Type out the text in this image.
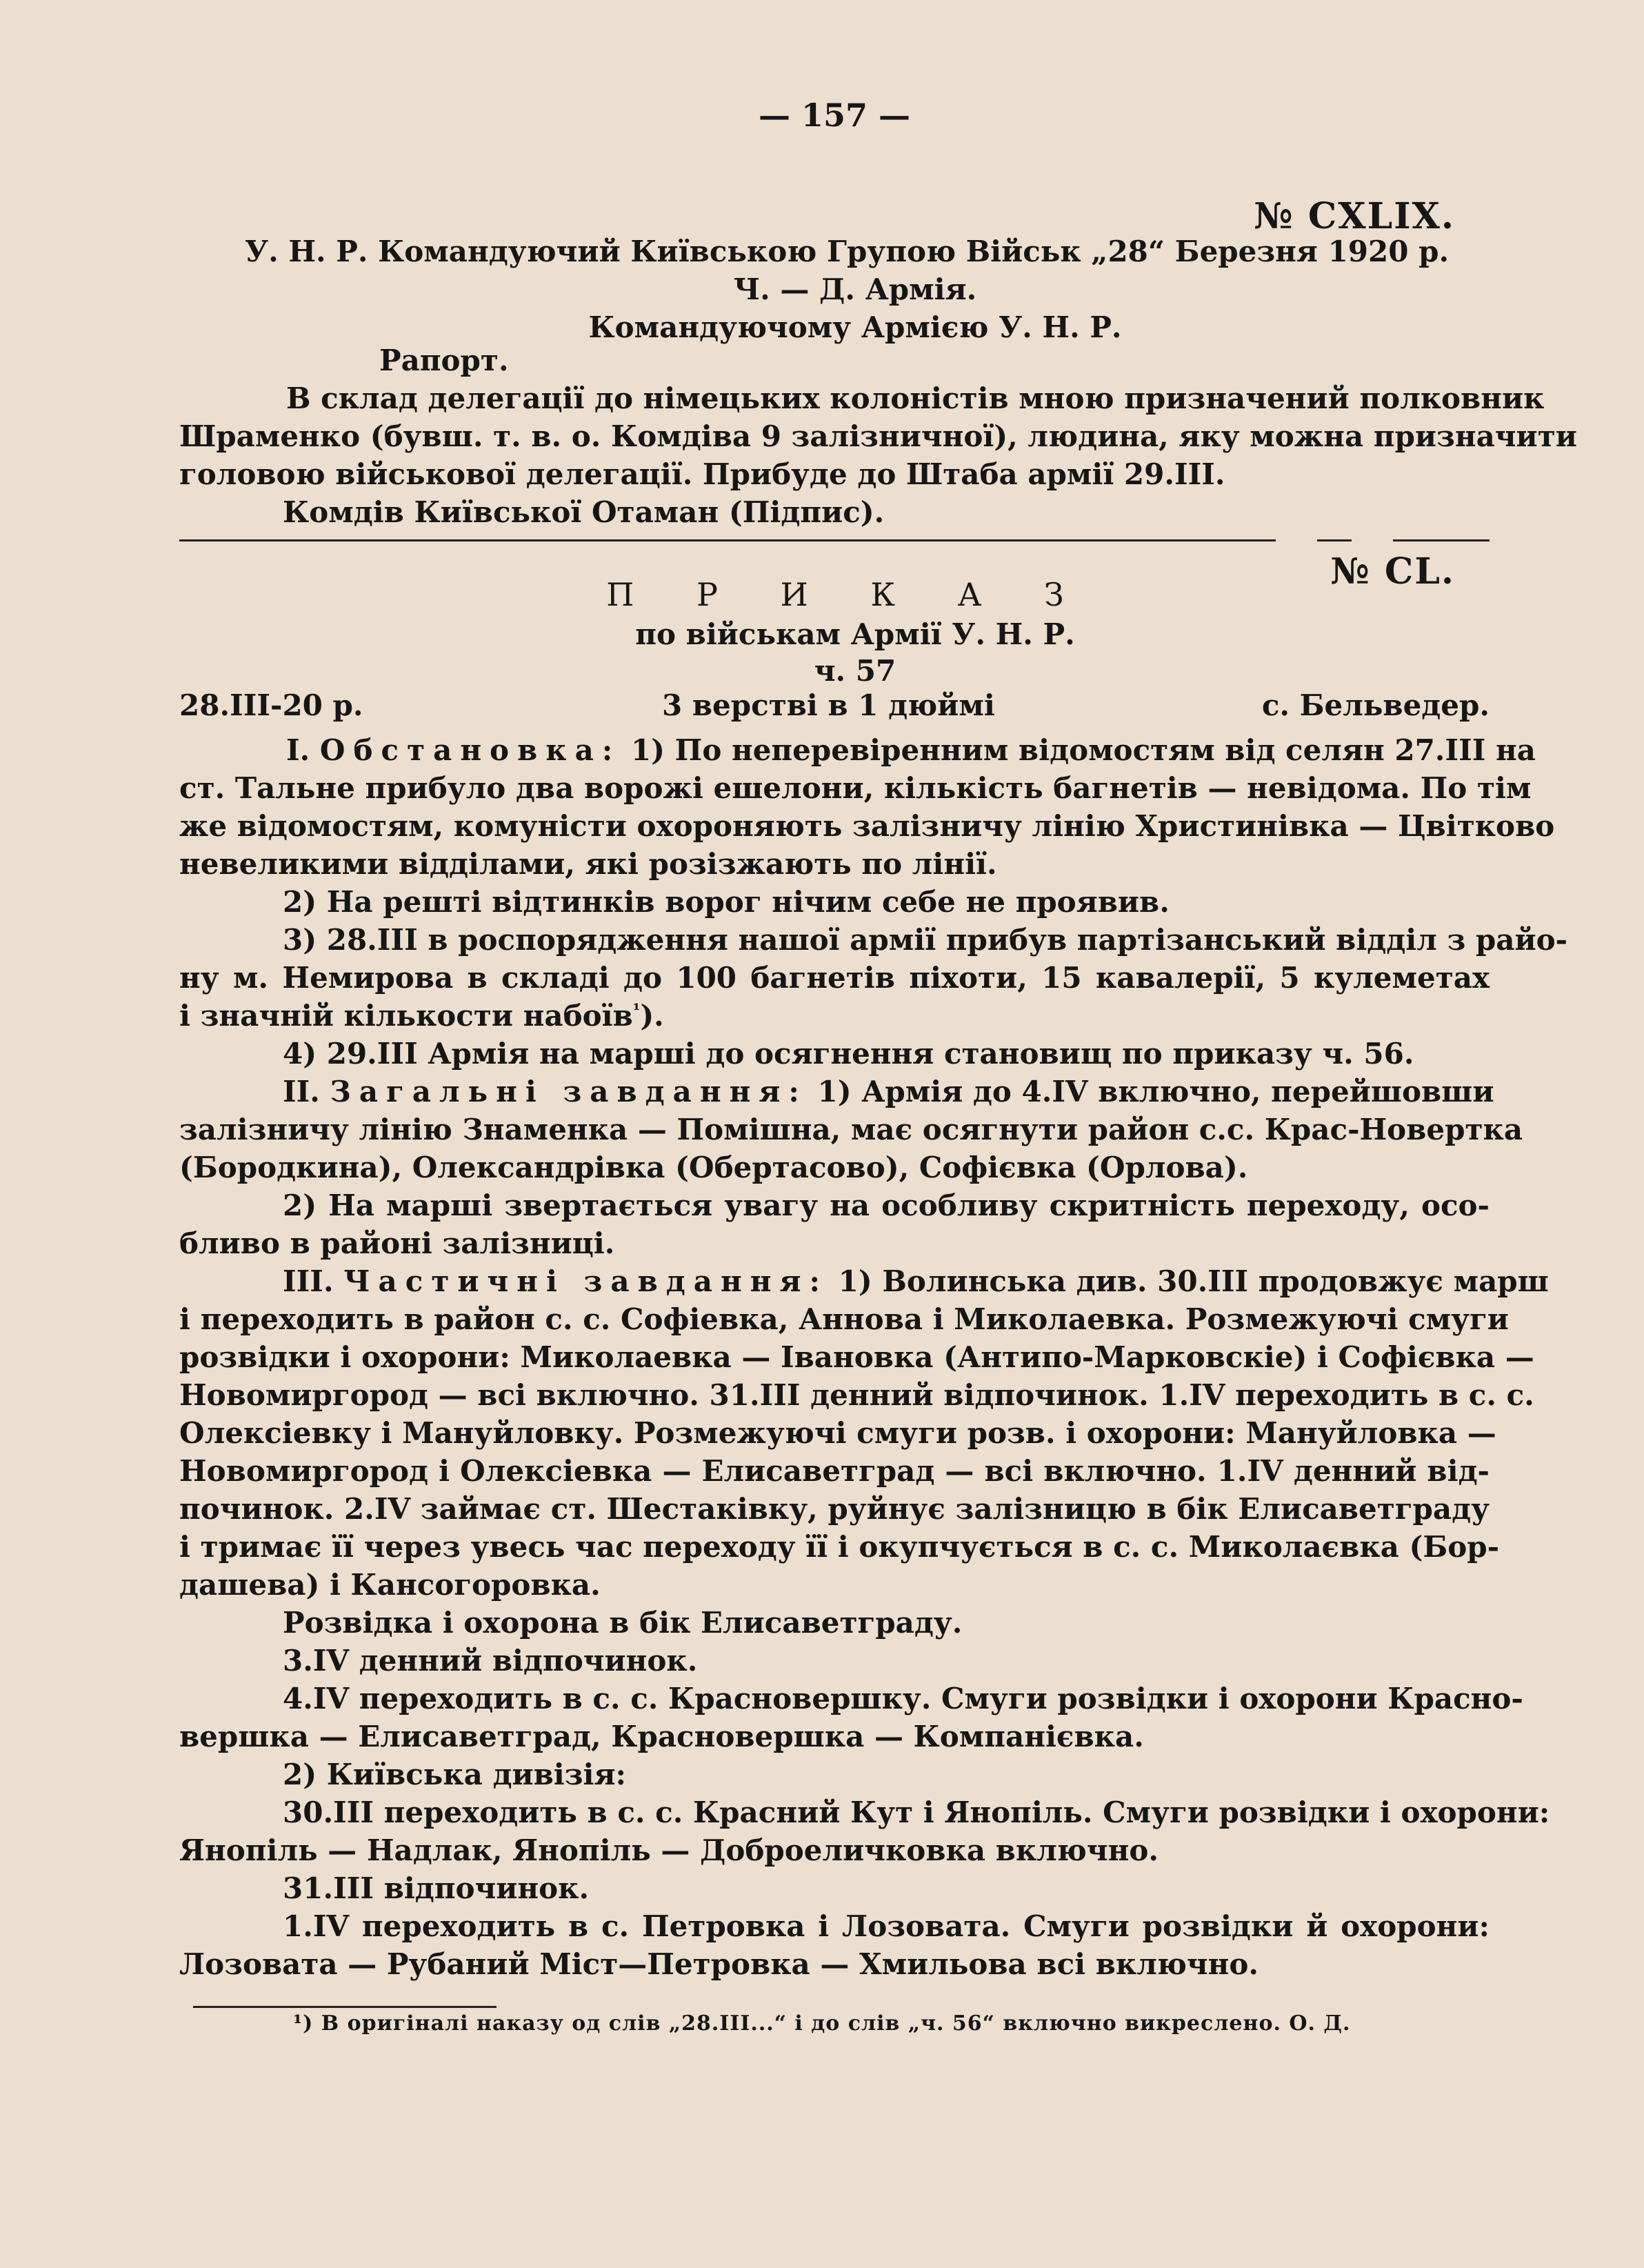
— 157 —
№ CXLIX.
У. Н. Р. Командуючий Київською Групою Військ „28“ Березня 1920 р.
Ч. — Д. Армія.
Командуючому Армією У. Н. Р.
Рапорт.
В склад делегації до німецьких колоністів мною призначений полковник
Шраменко (бувш. т. в. о. Комдіва 9 залізничної), людина, яку можна призначити
головою військової делегації. Прибуде до Штаба армії 29.III.
Комдів Київської Отаман (Підпис).
№ CL.
П Р И К А З
по військам Армії У. Н. Р.
ч. 57
28.III-20 р.	3 верстві в 1 дюймі	с. Бельведер.
I. Обстановка: 1) По неперевіренним відомостям від селян 27.III на
ст. Тальне прибуло два ворожі ешелони, кількість багнетів — невідома. По тім
же відомостям, комуністи охороняють залізничу лінію Христинівка — Цвітково
невеликими відділами, які розізжають по лінії.
2) На решті відтинків ворог нічим себе не проявив.
3) 28.III в роспорядження нашої армії прибув партізанський відділ з райо-
ну м. Немирова в складі до 100 багнетів піхоти, 15 кавалерії, 5 кулеметах
і значній кількости набоїв$^{^1}$).
4) 29.III Армія на марші до осягнення становищ по приказу ч. 56.
II. Загальні завдання: 1) Армія до 4.IV включно, перейшовши
залізничу лінію Знаменка — Помішна, має осягнути район с.с. Крас-Новертка
(Бородкина), Олександрівка (Обертасово), Софієвка (Орлова).
2) На марші звертається увагу на особливу скритність переходу, осо-
бливо в районі залізниці.
III. Частичні завдання: 1) Волинська див. 30.III продовжує марш
і переходить в район с. с. Софіевка, Аннова і Миколаевка. Розмежуючі смуги
розвідки і охорони: Миколаевка — Івановка (Антипо-Марковскіе) і Софієвка —
Новомиргород — всі включно. 31.III денний відпочинок. 1.IV переходить в с. с.
Олексіевку і Мануйловку. Розмежуючі смуги розв. і охорони: Мануйловка —
Новомиргород і Олексіевка — Елисаветград — всі включно. 1.IV денний від-
починок. 2.IV займає ст. Шестаківку, руйнує залізницю в бік Елисаветграду
і тримає її через увесь час переходу її і окупчується в с. с. Миколаєвка (Бор-
дашева) і Кансогоровка.
Розвідка і охорона в бік Елисаветграду.
3.IV денний відпочинок.
4.IV переходить в с. с. Красновершку. Смуги розвідки і охорони Красно-
вершка — Елисаветград, Красновершка — Компанієвка.
2) Київська дивізія:
30.III переходить в с. с. Красний Кут і Янопіль. Смуги розвідки і охорони:
Янопіль — Надлак, Янопіль — Доброеличковка включно.
31.III відпочинок.
1.IV переходить в с. Петровка і Лозовата. Смуги розвідки й охорони:
Лозовата — Рубаний Міст—Петровка — Хмильова всі включно.
¹) В оригіналі наказу од слів „28.III...“ і до слів „ч. 56“ включно викреслено. О. Д.
